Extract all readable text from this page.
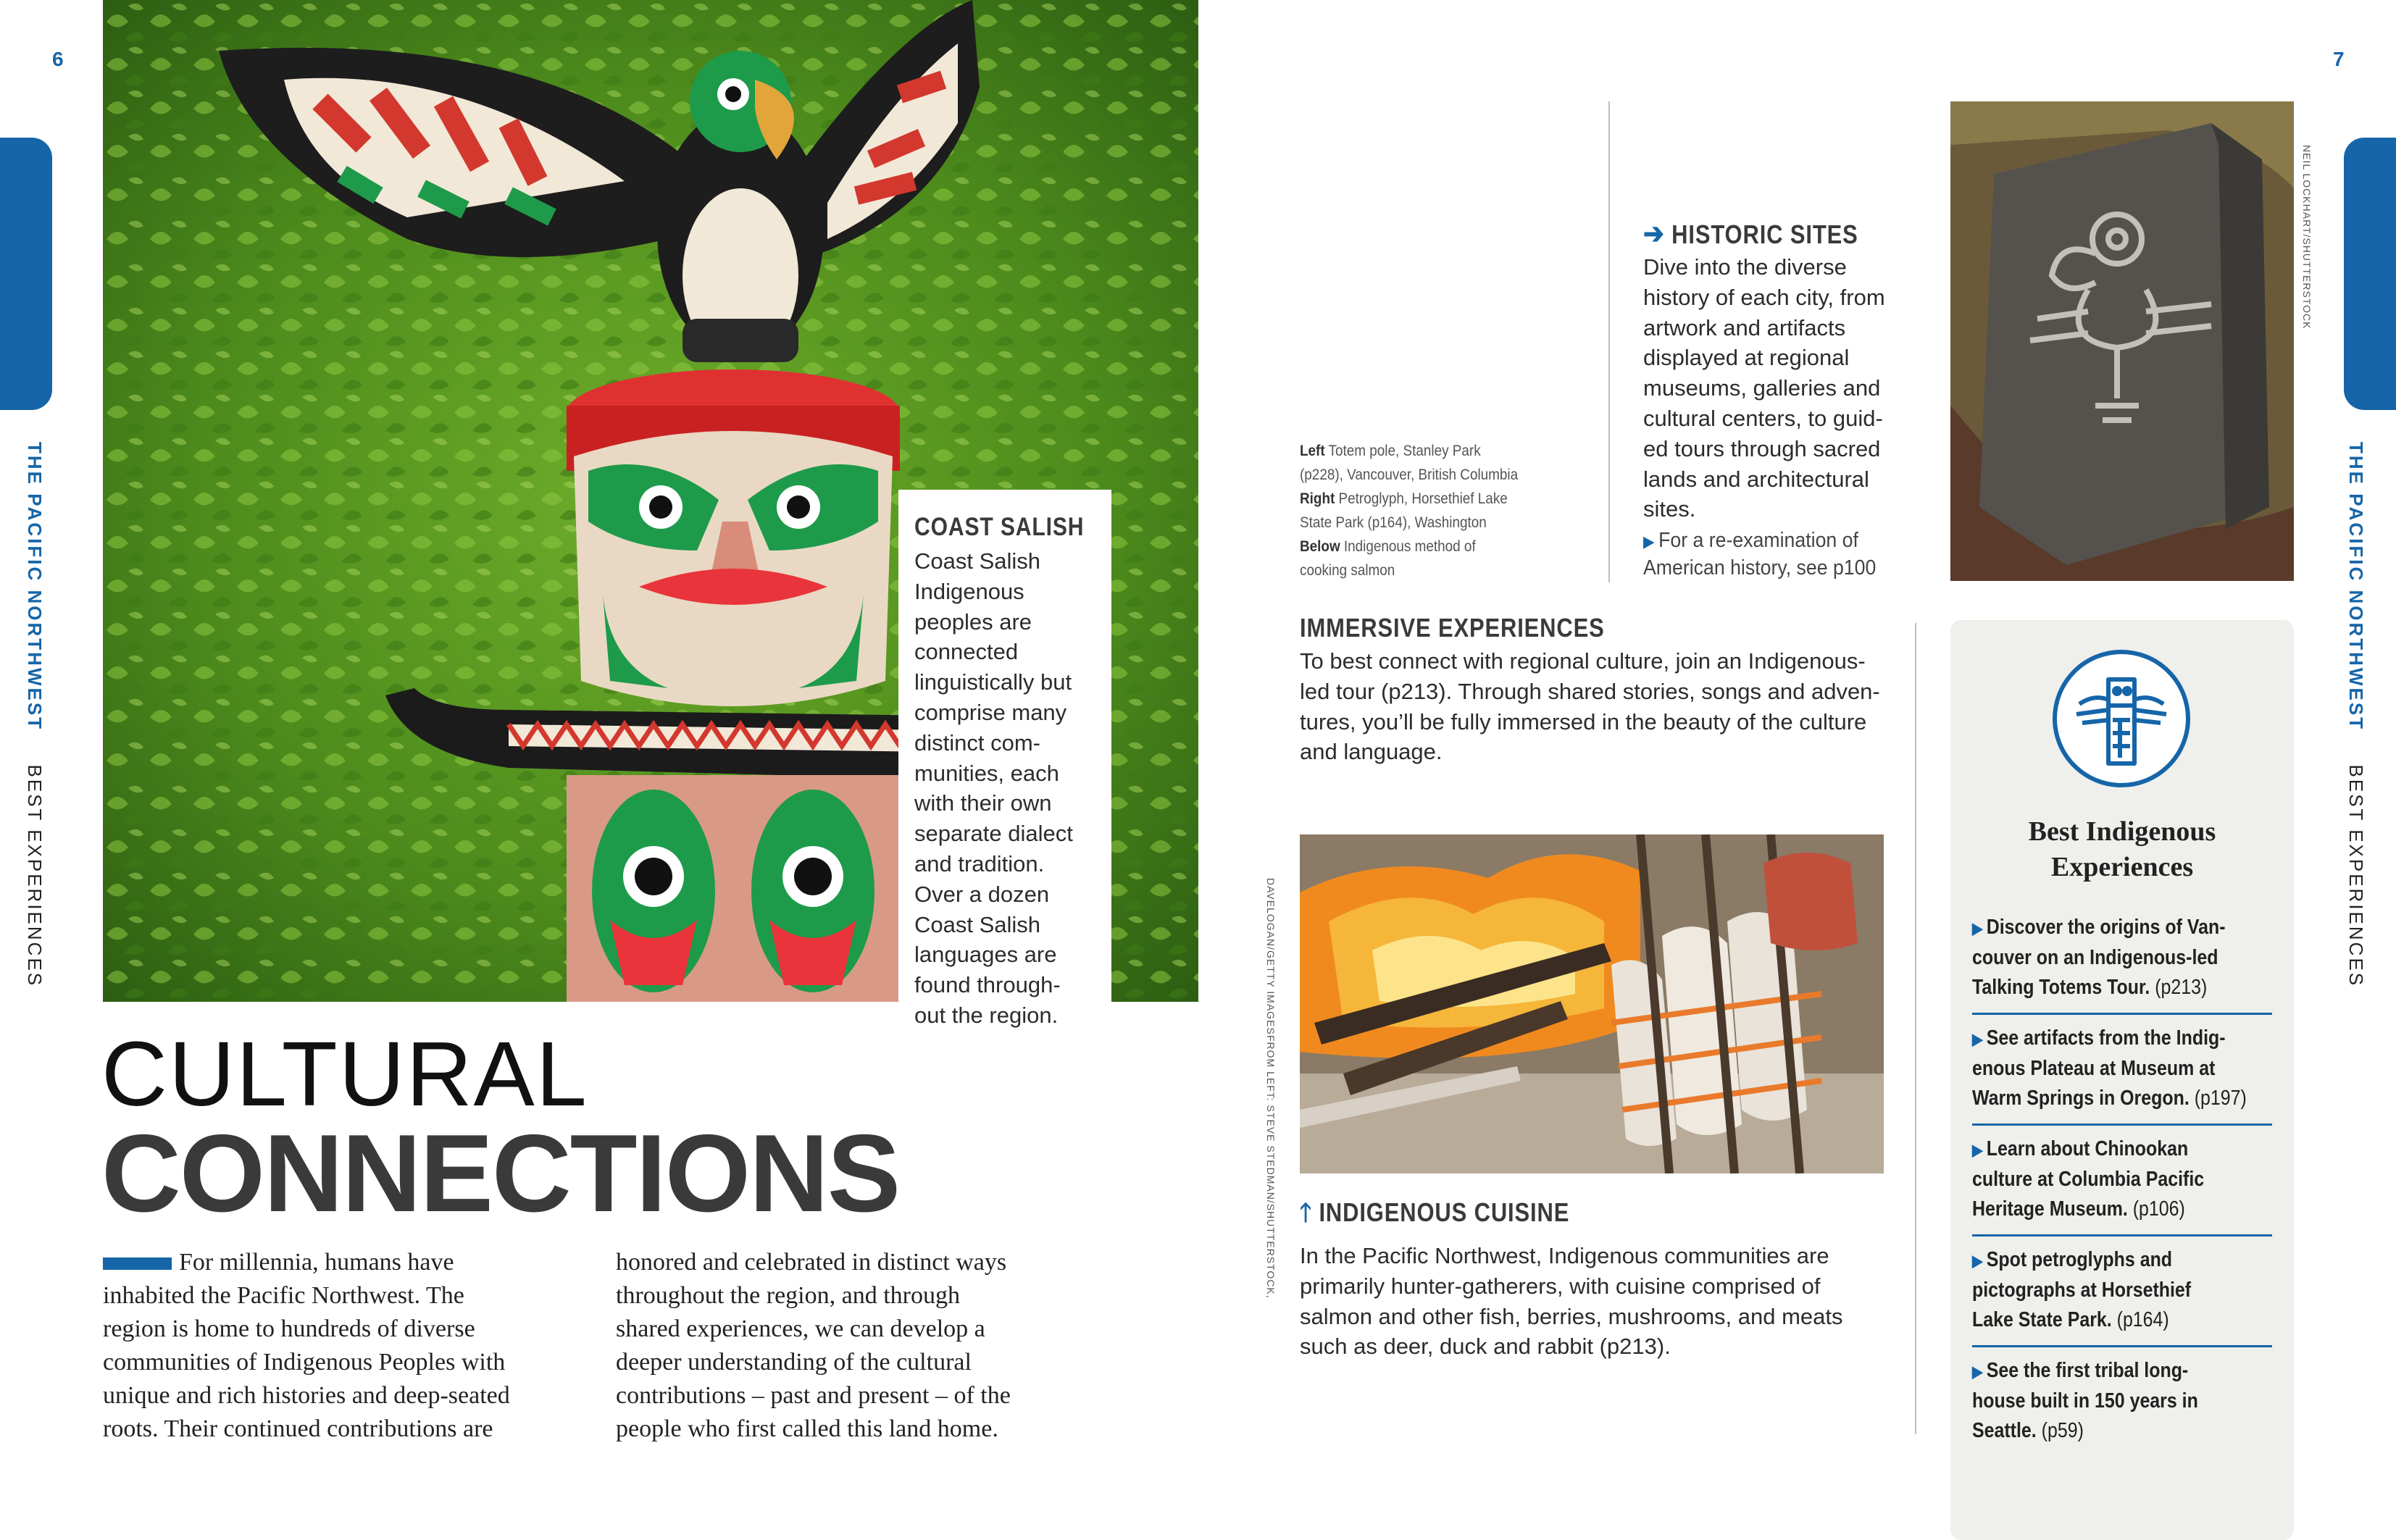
6	7
THE PACIFIC NORTHWEST  BEST EXPERIENCES
THE PACIFIC NORTHWEST  BEST EXPERIENCES
COAST SALISH
Coast Salish
Indigenous
peoples are
connected
linguistically but
comprise many
distinct com-
munities, each
with their own
separate dialect
and tradition.
Over a dozen
Coast Salish
languages are
found through-
out the region.
CULTURAL
CONNECTIONS
For millennia, humans have
inhabited the Pacific Northwest. The
region is home to hundreds of diverse
communities of Indigenous Peoples with
unique and rich histories and deep-seated
roots. Their continued contributions are
honored and celebrated in distinct ways
throughout the region, and through
shared experiences, we can develop a
deeper understanding of the cultural
contributions – past and present – of the
people who first called this land home.
Left Totem pole, Stanley Park
(p228), Vancouver, British Columbia
Right Petroglyph, Horsethief Lake
State Park (p164), Washington
Below Indigenous method of
cooking salmon
➔ HISTORIC SITES
Dive into the diverse
history of each city, from
artwork and artifacts
displayed at regional
museums, galleries and
cultural centers, to guid-
ed tours through sacred
lands and architectural
sites.
▶ For a re-examination of
American history, see p100
NEIL LOCKHART/SHUTTERSTOCK
IMMERSIVE EXPERIENCES
To best connect with regional culture, join an Indigenous-
led tour (p213). Through shared stories, songs and adven-
tures, you’ll be fully immersed in the beauty of the culture
and language.
FROM LEFT: STEVE STEDMAN/SHUTTERSTOCK,
DAVELOGAN/GETTY IMAGES
🡑 INDIGENOUS CUISINE
In the Pacific Northwest, Indigenous communities are
primarily hunter-gatherers, with cuisine comprised of
salmon and other fish, berries, mushrooms, and meats
such as deer, duck and rabbit (p213).
Best Indigenous
Experiences
▶ Discover the origins of Van-
couver on an Indigenous-led
Talking Totems Tour. (p213)
▶ See artifacts from the Indig-
enous Plateau at Museum at
Warm Springs in Oregon. (p197)
▶ Learn about Chinookan
culture at Columbia Pacific
Heritage Museum. (p106)
▶ Spot petroglyphs and
pictographs at Horsethief
Lake State Park. (p164)
▶ See the first tribal long-
house built in 150 years in
Seattle. (p59)
